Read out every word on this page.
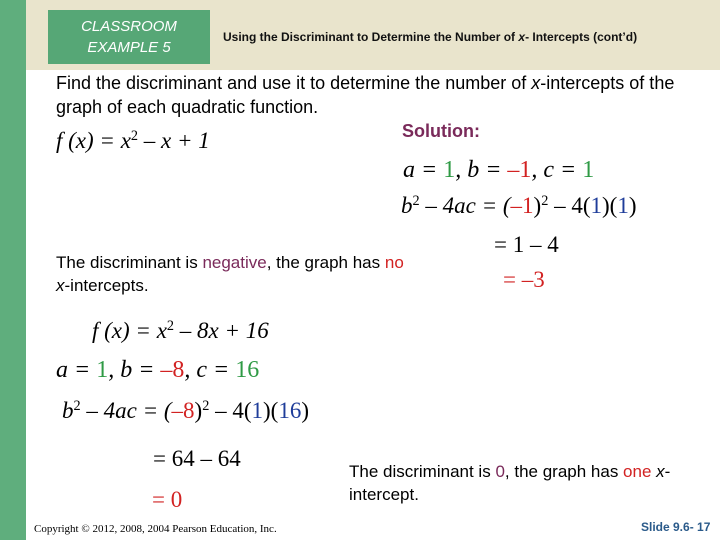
CLASSROOM
EXAMPLE 5
Using the Discriminant to Determine the Number of x- Intercepts (cont’d)
Find the discriminant and use it to determine the number of x-intercepts of the graph of each quadratic function.
Solution:
f $(x) = x^2 - x + 1$
a = 1, b = –1, c = 1
$b^2 - 4ac = (-1)^2 - 4(1)(1)$
= 1 – 4
= –3
The discriminant is negative, the graph has no x-intercepts.
f $(x) = x^2 - 8x + 16$
a = 1, b = –8, c = 16
$b^2 - 4ac = (-8)^2 - 4(1)(16)$
= 64 – 64
= 0
The discriminant is 0, the graph has one x-intercept.
Copyright © 2012, 2008, 2004 Pearson Education, Inc.	Slide 9.6- 17
